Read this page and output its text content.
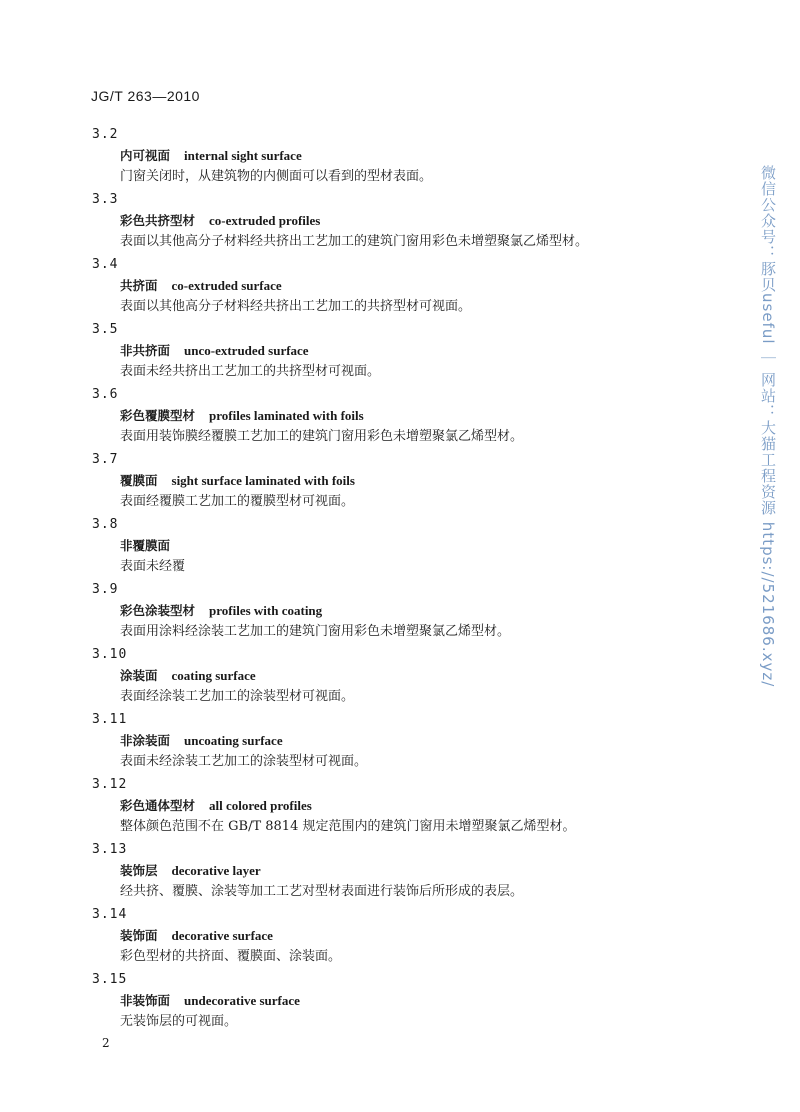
JG/T 263—2010
3.2
内可视面 internal sight surface
门窗关闭时，从建筑物的内侧面可以看到的型材表面。
3.3
彩色共挤型材 co-extruded profiles
表面以其他高分子材料经共挤出工艺加工的建筑门窗用彩色未增塑聚氯乙烯型材。
3.4
共挤面 co-extruded surface
表面以其他高分子材料经共挤出工艺加工的共挤型材可视面。
3.5
非共挤面 unco-extruded surface
表面未经共挤出工艺加工的共挤型材可视面。
3.6
彩色覆膜型材 profiles laminated with foils
表面用装饰膜经覆膜工艺加工的建筑门窗用彩色未增塑聚氯乙烯型材。
3.7
覆膜面 sight surface laminated with foils
表面经覆膜工艺加工的覆膜型材可视面。
3.8
非覆膜面
表面未经覆
3.9
彩色涂装型材 profiles with coating
表面用涂料经涂装工艺加工的建筑门窗用彩色未增塑聚氯乙烯型材。
3.10
涂装面 coating surface
表面经涂装工艺加工的涂装型材可视面。
3.11
非涂装面 uncoating surface
表面未经涂装工艺加工的涂装型材可视面。
3.12
彩色通体型材 all colored profiles
整体颜色范围不在 GB/T 8814 规定范围内的建筑门窗用未增塑聚氯乙烯型材。
3.13
装饰层 decorative layer
经共挤、覆膜、涂装等加工工艺对型材表面进行装饰后所形成的表层。
3.14
装饰面 decorative surface
彩色型材的共挤面、覆膜面、涂装面。
3.15
非装饰面 undecorative surface
无装饰层的可视面。
2
微信公众号：豚贝useful ｜ 网站：大猫工程资源 https://521686.xyz/
